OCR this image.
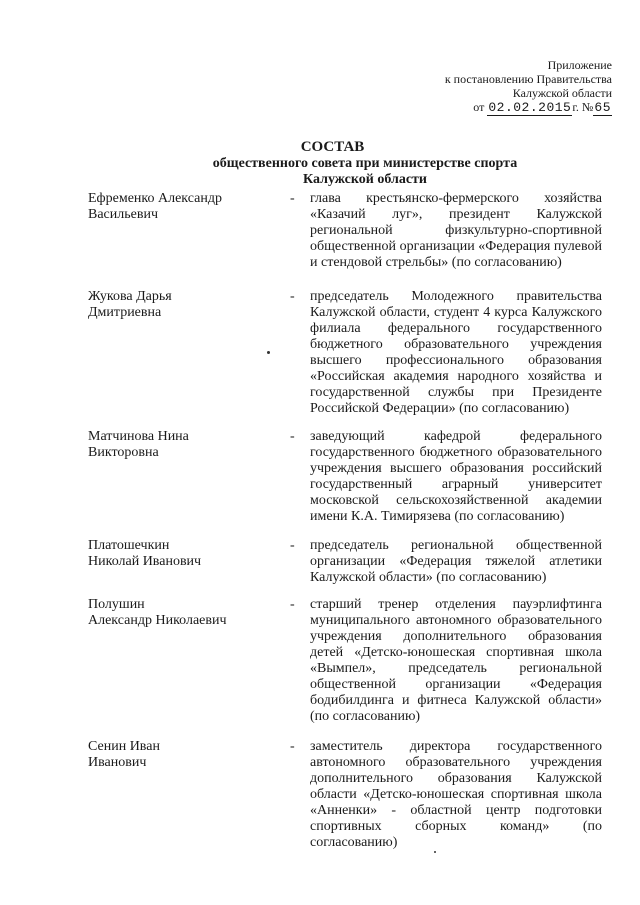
Приложение
к постановлению Правительства
Калужской области
от 02.02.2015г. №65
СОСТАВ
общественного совета при министерстве спорта
Калужской области
Ефременко Александр
Васильевич
- глава крестьянско-фермерского хозяйства «Казачий луг», президент Калужской региональной физкультурно-спортивной общественной организации «Федерация пулевой и стендовой стрельбы» (по согласованию)
Жукова Дарья
Дмитриевна
- председатель Молодежного правительства Калужской области, студент 4 курса Калужского филиала федерального государственного бюджетного образовательного учреждения высшего профессионального образования «Российская академия народного хозяйства и государственной службы при Президенте Российской Федерации» (по согласованию)
Матчинова Нина
Викторовна
- заведующий кафедрой федерального государственного бюджетного образовательного учреждения высшего образования российский государственный аграрный университет московской сельскохозяйственной академии имени К.А. Тимирязева (по согласованию)
Платошечкин
Николай Иванович
- председатель региональной общественной организации «Федерация тяжелой атлетики Калужской области» (по согласованию)
Полушин
Александр Николаевич
- старший тренер отделения пауэрлифтинга муниципального автономного образовательного учреждения дополнительного образования детей «Детско-юношеская спортивная школа «Вымпел», председатель региональной общественной организации «Федерация бодибилдинга и фитнеса Калужской области» (по согласованию)
Сенин Иван
Иванович
- заместитель директора государственного автономного образовательного учреждения дополнительного образования Калужской области «Детско-юношеская спортивная школа «Анненки» - областной центр подготовки спортивных сборных команд» (по согласованию)
